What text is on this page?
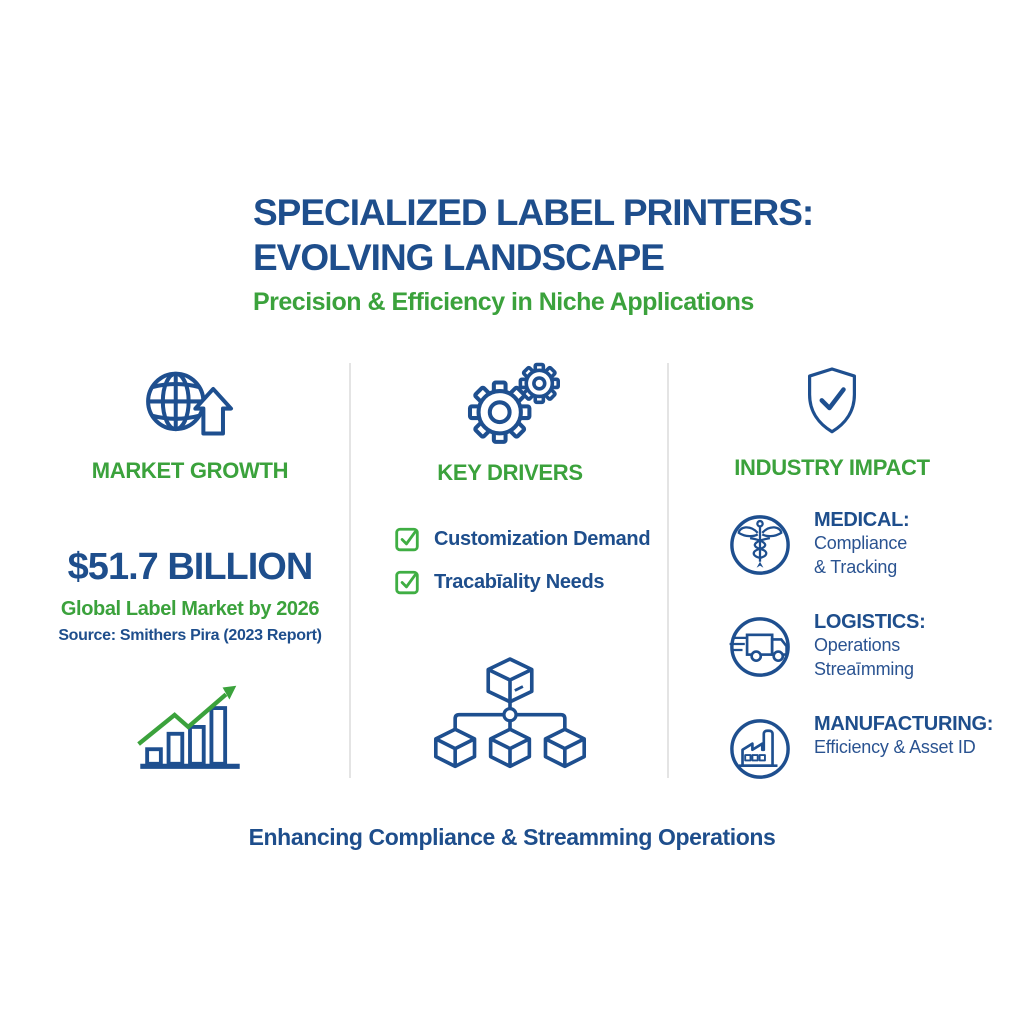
SPECIALIZED LABEL PRINTERS:
EVOLVING LANDSCAPE
Precision & Efficiency in Niche Applications
MARKET GROWTH
$51.7 BILLION
Global Label Market by 2026
Source: Smithers Pira (2023 Report)
KEY DRIVERS
Customization Demand
Tracabīality Needs
INDUSTRY IMPACT
MEDICAL:
Compliance
& Tracking
LOGISTICS:
Operations
Streaīmming
MANUFACTURING:
Efficiency & Asset ID
Enhancing Compliance & Streamming Operations
